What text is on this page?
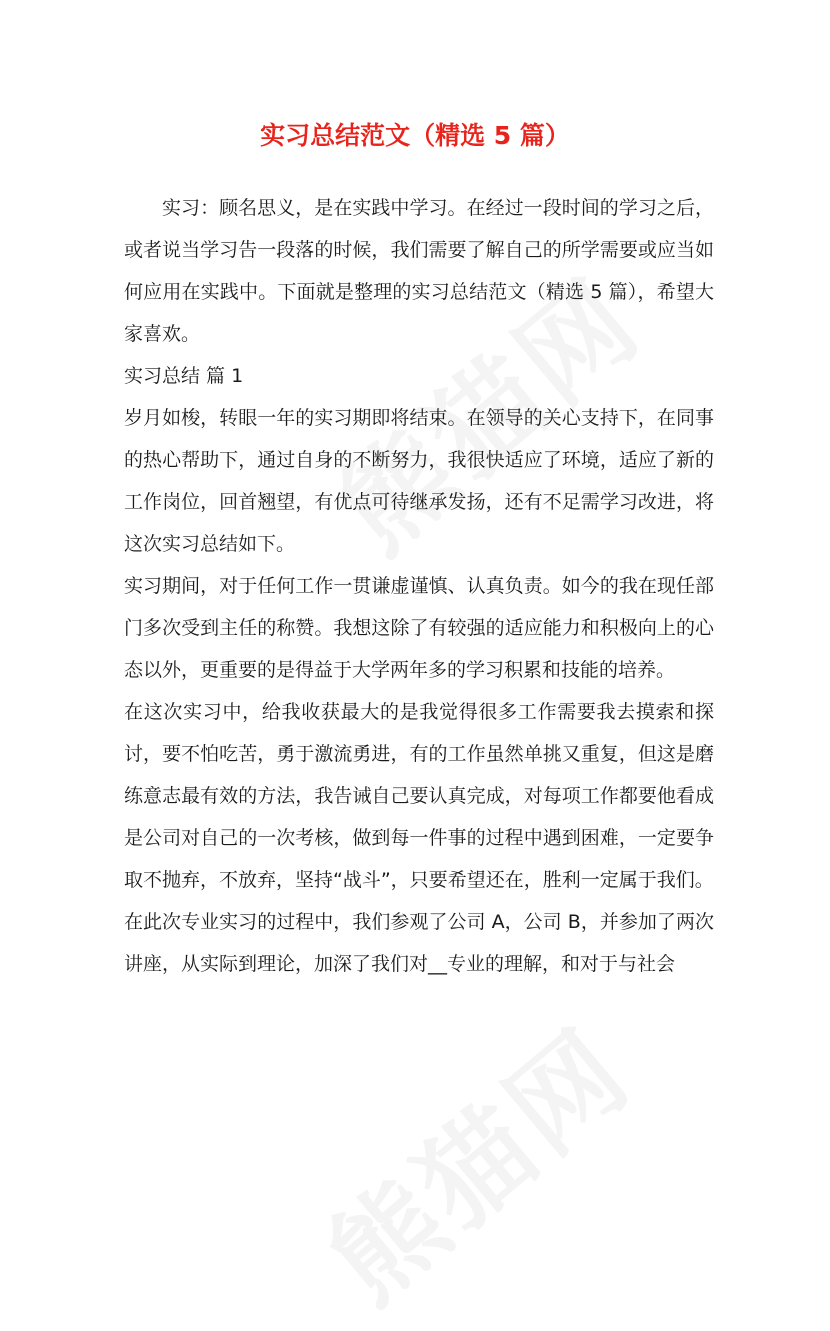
实习总结范文（精选 5 篇）

实习：顾名思义，是在实践中学习。在经过一段时间的学习之后，或者说当学习告一段落的时候，我们需要了解自己的所学需要或应当如何应用在实践中。下面就是整理的实习总结范文（精选 5 篇），希望大家喜欢。

实习总结 篇 1

岁月如梭，转眼一年的实习期即将结束。在领导的关心支持下，在同事的热心帮助下，通过自身的不断努力，我很快适应了环境，适应了新的工作岗位，回首翘望，有优点可待继承发扬，还有不足需学习改进，将这次实习总结如下。

实习期间，对于任何工作一贯谦虚谨慎、认真负责。如今的我在现任部门多次受到主任的称赞。我想这除了有较强的适应能力和积极向上的心态以外，更重要的是得益于大学两年多的学习积累和技能的培养。

在这次实习中，给我收获最大的是我觉得很多工作需要我去摸索和探讨，要不怕吃苦，勇于激流勇进，有的工作虽然单挑又重复，但这是磨练意志最有效的方法，我告诫自己要认真完成，对每项工作都要他看成是公司对自己的一次考核，做到每一件事的过程中遇到困难，一定要争取不抛弃，不放弃，坚持“战斗”，只要希望还在，胜利一定属于我们。

在此次专业实习的过程中，我们参观了公司 A，公司 B，并参加了两次讲座，从实际到理论，加深了我们对__专业的理解，和对于与社会
